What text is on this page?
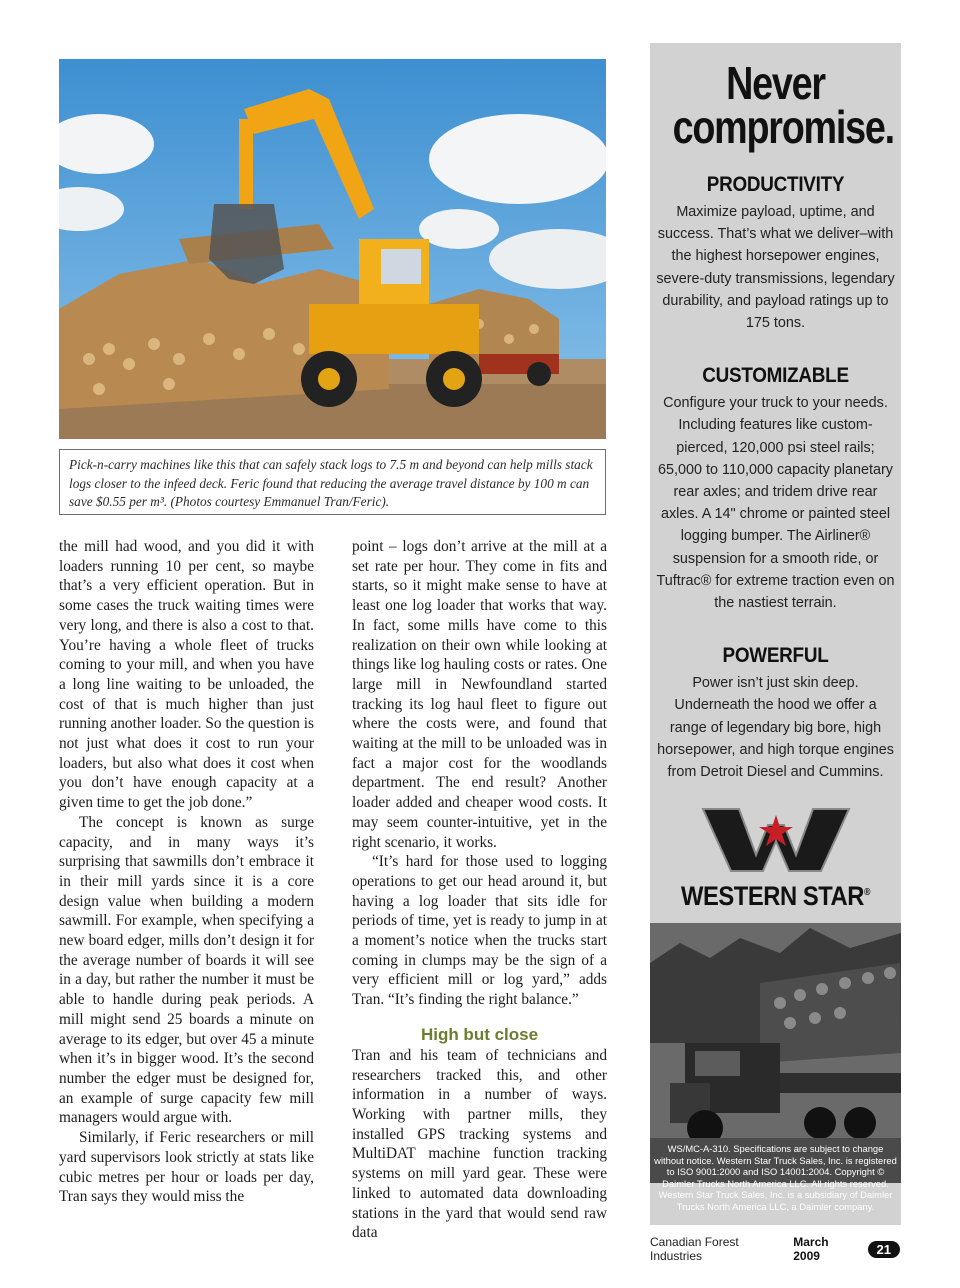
Pick-n-carry machines like this that can safely stack logs to 7.5 m and beyond can help mills stack logs closer to the infeed deck. Feric found that reducing the average travel distance by 100 m can save $0.55 per m³. (Photos courtesy Emmanuel Tran/Feric).

the mill had wood, and you did it with loaders running 10 per cent, so maybe that’s a very efficient operation. But in some cases the truck waiting times were very long, and there is also a cost to that. You’re having a whole fleet of trucks coming to your mill, and when you have a long line waiting to be unloaded, the cost of that is much higher than just running another loader. So the question is not just what does it cost to run your loaders, but also what does it cost when you don’t have enough capacity at a given time to get the job done.”

The concept is known as surge capacity, and in many ways it’s surprising that sawmills don’t embrace it in their mill yards since it is a core design value when building a modern sawmill. For example, when specifying a new board edger, mills don’t design it for the average number of boards it will see in a day, but rather the number it must be able to handle during peak periods. A mill might send 25 boards a minute on average to its edger, but over 45 a minute when it’s in bigger wood. It’s the second number the edger must be designed for, an example of surge capacity few mill managers would argue with.

Similarly, if Feric researchers or mill yard supervisors look strictly at stats like cubic metres per hour or loads per day, Tran says they would miss the

point – logs don’t arrive at the mill at a set rate per hour. They come in fits and starts, so it might make sense to have at least one log loader that works that way. In fact, some mills have come to this realization on their own while looking at things like log hauling costs or rates. One large mill in Newfoundland started tracking its log haul fleet to figure out where the costs were, and found that waiting at the mill to be unloaded was in fact a major cost for the woodlands department. The end result? Another loader added and cheaper wood costs. It may seem counter-intuitive, yet in the right scenario, it works.

“It’s hard for those used to logging operations to get our head around it, but having a log loader that sits idle for periods of time, yet is ready to jump in at a moment’s notice when the trucks start coming in clumps may be the sign of a very efficient mill or log yard,” adds Tran. “It’s finding the right balance.”

High but close

Tran and his team of technicians and researchers tracked this, and other information in a number of ways. Working with partner mills, they installed GPS tracking systems and MultiDAT machine function tracking systems on mill yard gear. These were linked to automated data downloading stations in the yard that would send raw data

Never
compromise.
PRODUCTIVITY
Maximize payload, uptime, and success. That’s what we deliver–with the highest horsepower engines, severe-duty transmissions, legendary durability, and payload ratings up to 175 tons.
CUSTOMIZABLE
Configure your truck to your needs. Including features like custom-pierced, 120,000 psi steel rails; 65,000 to 110,000 capacity planetary rear axles; and tridem drive rear axles. A 14" chrome or painted steel logging bumper. The Airliner® suspension for a smooth ride, or Tuftrac® for extreme traction even on the nastiest terrain.
POWERFUL
Power isn’t just skin deep. Underneath the hood we offer a range of legendary big bore, high horsepower, and high torque engines from Detroit Diesel and Cummins.
WESTERN STAR®
WS/MC-A-310. Specifications are subject to change without notice. Western Star Truck Sales, Inc. is registered to ISO 9001:2000 and ISO 14001:2004. Copyright © Daimler Trucks North America LLC. All rights reserved. Western Star Truck Sales, Inc. is a subsidiary of Daimler Trucks North America LLC, a Daimler company.
Canadian Forest Industries
March 2009	21
